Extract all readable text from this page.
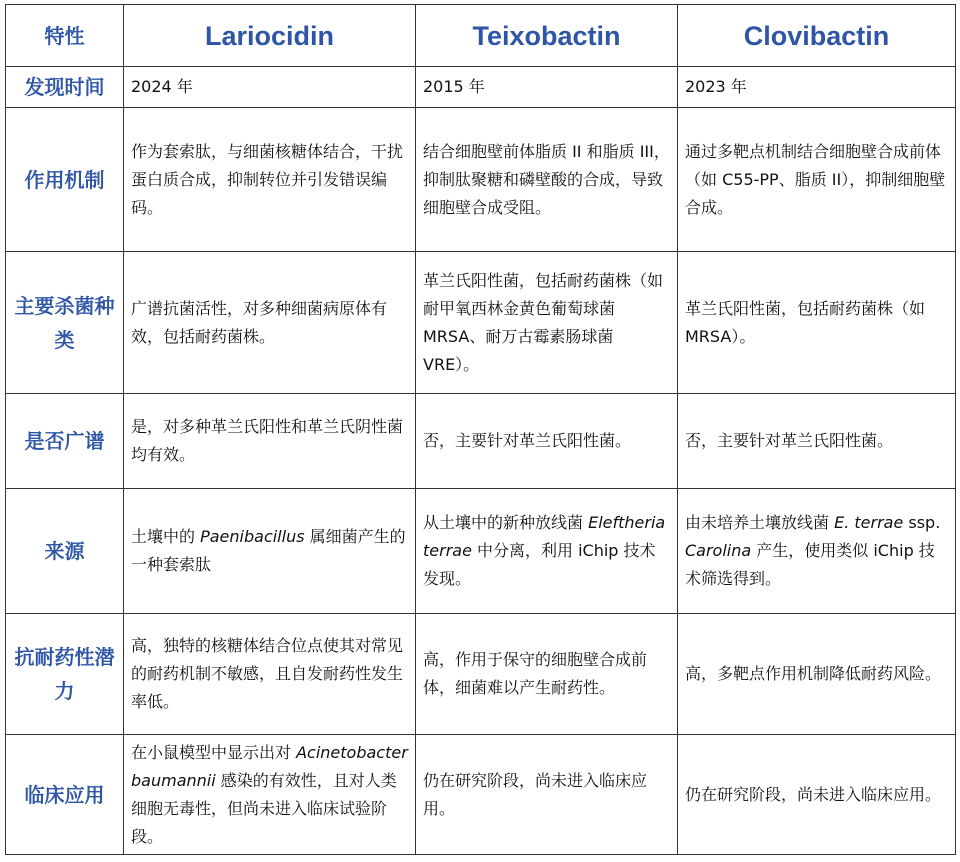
特性	Lariocidin	Teixobactin	Clovibactin
发现时间	2024 年	2015 年	2023 年
作用机制	作为套索肽，与细菌核糖体结合，干扰蛋白质合成，抑制转位并引发错误编码。	结合细胞壁前体脂质 II 和脂质 III，抑制肽聚糖和磷壁酸的合成，导致细胞壁合成受阻。	通过多靶点机制结合细胞壁合成前体（如 C55-PP、脂质 II），抑制细胞壁合成。
主要杀菌种类	广谱抗菌活性，对多种细菌病原体有效，包括耐药菌株。	革兰氏阳性菌，包括耐药菌株（如耐甲氧西林金黄色葡萄球菌 MRSA、耐万古霉素肠球菌 VRE）。	革兰氏阳性菌，包括耐药菌株（如 MRSA）。
是否广谱	是，对多种革兰氏阳性和革兰氏阴性菌均有效。	否，主要针对革兰氏阳性菌。	否，主要针对革兰氏阳性菌。
来源	土壤中的 Paenibacillus 属细菌产生的一种套索肽	从土壤中的新种放线菌 Eleftheria terrae 中分离，利用 iChip 技术发现。	由未培养土壤放线菌 E. terrae ssp. Carolina 产生，使用类似 iChip 技术筛选得到。
抗耐药性潜力	高，独特的核糖体结合位点使其对常见的耐药机制不敏感，且自发耐药性发生率低。	高，作用于保守的细胞壁合成前体，细菌难以产生耐药性。	高，多靶点作用机制降低耐药风险。
临床应用	在小鼠模型中显示出对 Acinetobacter baumannii 感染的有效性，且对人类细胞无毒性，但尚未进入临床试验阶段。	仍在研究阶段，尚未进入临床应用。	仍在研究阶段，尚未进入临床应用。
